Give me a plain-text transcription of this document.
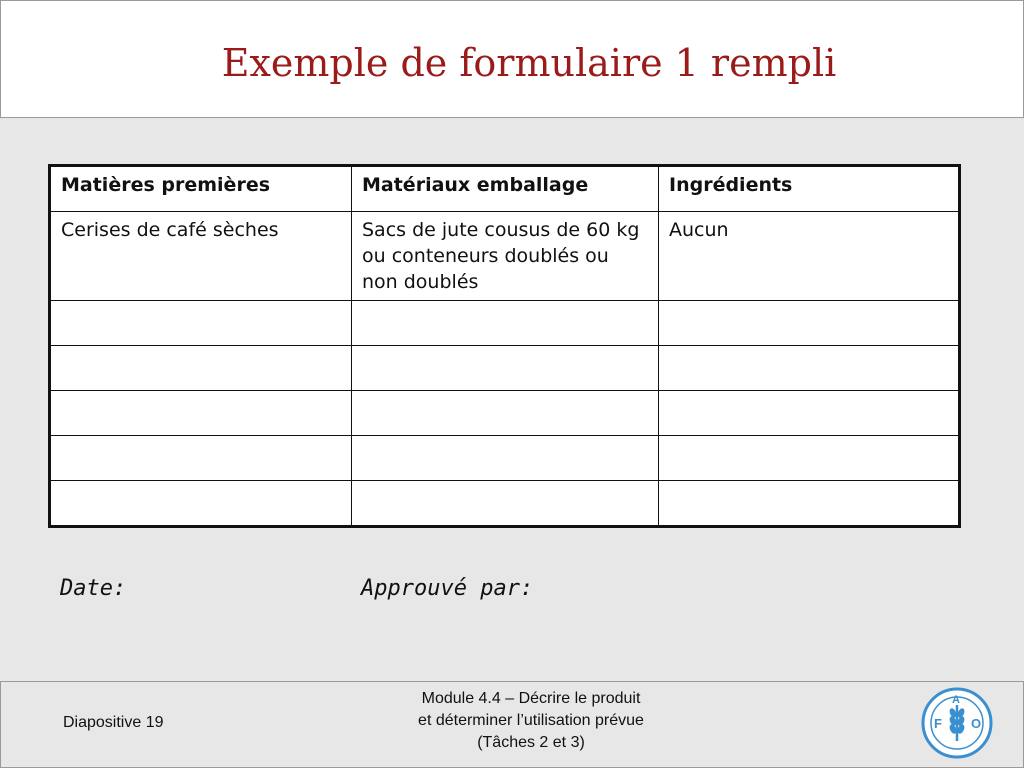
Exemple de formulaire 1 rempli
Matières premières	Matériaux emballage	Ingrédients
Cerises de café sèches	Sacs de jute cousus de 60 kg ou conteneurs doublés ou non doublés	Aucun

Date:	Approuvé par:
Diapositive 19
Module 4.4 – Décrire le produit
et déterminer l’utilisation prévue
(Tâches 2 et 3)
F
A
O
